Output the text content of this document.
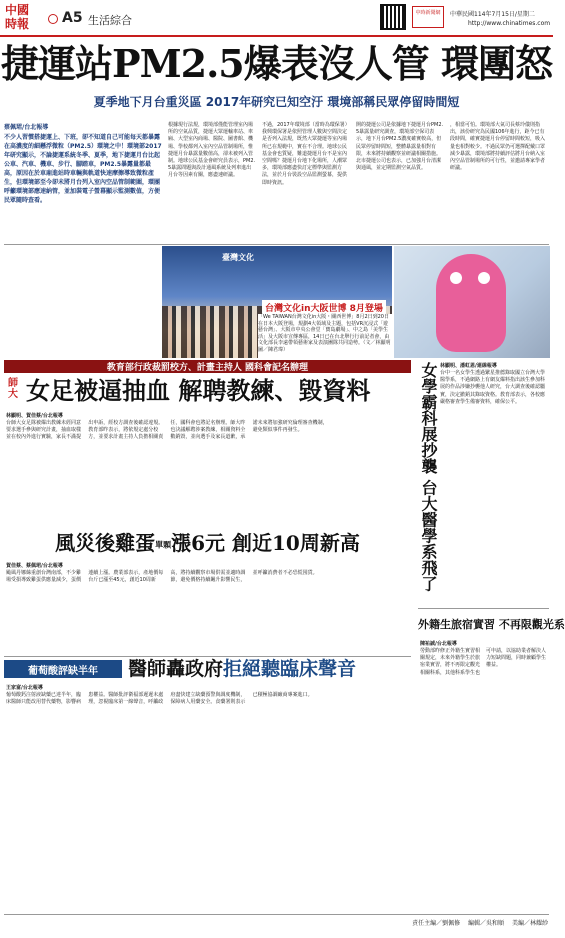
中國
時報	A5 生活綜合
中時新聞網	中華民國114年7月15日/星期二
http://www.chinatimes.com
捷運站PM2.5爆表沒人管 環團怒
夏季地下月台重災區 2017年研究已知空汙 環境部稱民眾停留時間短
蔡佩珺/台北報導
不少人習慣搭捷運上、下班，卻不知道自己可能每天都暴露在高濃度的細懸浮微粒（PM2.5）環境之中！環境部2017年研究顯示，不論捷運系統冬季、夏季，地下捷運月台比起公車、汽車、機車、步行、腳踏車，PM2.5暴露量都最高，原因在於車廂進站時車輛與軌道快速摩擦導致微粒產生，但環境部至今卻未將月台列入室內空品管制範圍，環團呼籲環境部應速納管，並加裝電子螢幕顯示監測數值，方便民眾隨時查看。
根據現行法規，環境部僅能管理室內場所的空氣品質，捷運大眾運輸車站、車廂、大型室內商場、醫院、圖書館、機場、學校都列入室內空品管制場所，惟捷運月台暴露量數值高，卻未被列入管制。地球公民基金會研究員表示，PM2.5暴露問題與設計通風系統及列車進出月台等因素有關，應盡速研議。
不過，2017年環境部（當時為環保署）我興環保署是依照管理人數與空間決定是否列入法規，既然大眾捷運等室內場所已在規範中，實在不合理。地球公民基金會也質疑，難道捷運月台不是室內空間嗎？捷運月台地下化場所，人潮眾多，環境部應盡快訂定標準與監測方法，並於月台裝設空品監測螢幕，提供即時資訊。
開的捷運公司是依據地下捷運月台PM2.5暴露量研究調查，環境部空保司表示，地下月台PM2.5濃度確實較高，但民眾停留時間短，整體暴露量相對有限，未來將持續觀察並研議相關措施。北市捷運公司也表示，已加強月台清潔與通風，並定期監測空氣品質。
，相當可怕。環境部大氣司長蔡玲儀則指出，該份研究為民國106年進行，距今已有段時間，確實捷運月台停留時間較短，吸入量也相對較少。不過民眾仍可選擇配戴口罩減少暴露，環境部將持續評估將月台納入室內空品管制場所的可行性，並邀請專家學者研議。
臺灣文化
台灣文化in大阪世博 8月登場
「We TAIWAN台灣文化in大阪・關西世博」8月2日到20日在日本大阪登場，規劃4大領域及主題，包括VR沉浸式「遊藝台灣」、大阪市中央公會堂「寶島劇場」、中之島「美學生活」及大阪市宣傳專區，14日已在台北舉行行前記者會，由文化部長李遠帶領藝術家及表演團隊共同造勢。（文／林顯明 圖／陳君瑋）
教育部行政裁罰校方、計畫主持人 國科會記名辦理
師大 女足被逼抽血 解聘教練、毀資料
林顯明、賀佳蔡/台北報導
台師大女足隊被爆出教練未經同意要求選手參與研究計畫，抽血取樣並在校內外進行實驗，家長不滿提出申訴，經校方調查後確認違規。教育部昨表示，將依規定處分校方，並要求計畫主持人負擔相關責任，國科會也將記名辦理。師大昨也決議解聘涉案教練，相關資料全數銷毀，並向選手及家長道歉，承諾未來將加強研究倫理審查機制，避免類似事件再發生。	女學霸科展抄襲 台大醫學系飛了 林顯明、潘虹恩/連線報導
台中一名女學生透過繁星推薦錄取國立台灣大學醫學系，不過網路上有網友爆料指出該生參加科展的作品涉嫌抄襲他人研究，台大調查後確認屬實，決定撤銷其錄取資格。教育部表示，各校應嚴格審查學生備審資料，確保公平。
風災後雞蛋單顆漲6元 創近10周新高
賀佳蔡、蔡佩珺/台北報導
颱風丹娜絲重創台灣南部，不少雞場受損導致雞蛋供應量減少，蛋價連續上漲。農業部表示，產地價每台斤已漲至45元，創近10周新高，將持續觀察市場供需並適時調節，避免價格持續飆升影響民生，並呼籲消費者不必恐慌囤貨。
葡萄酸評缺半年	醫師轟政府拒絕聽臨床聲音
王家富/台北報導
葡萄酸鈣注射液缺藥已達半年，臨床醫師只能改用替代藥物，影響病患權益。醫師批評衛福部遲遲未處理，忽視臨床第一線聲音，呼籲政府盡快建立缺藥預警與調度機制，保障病人用藥安全。食藥署則表示已積極協調廠商專案進口。
外籍生旅宿實習 不再限觀光系
陳祐誠/台北報導
勞動部昨修正外籍生實習相關規定，未來外籍學生於旅宿業實習，將不再限定觀光相關科系，其他科系學生也可申請，以協助業者解決人力短缺問題，同時兼顧學生權益。
責任主編／劉佩修 編輯／吳和順 美編／林耀紗
